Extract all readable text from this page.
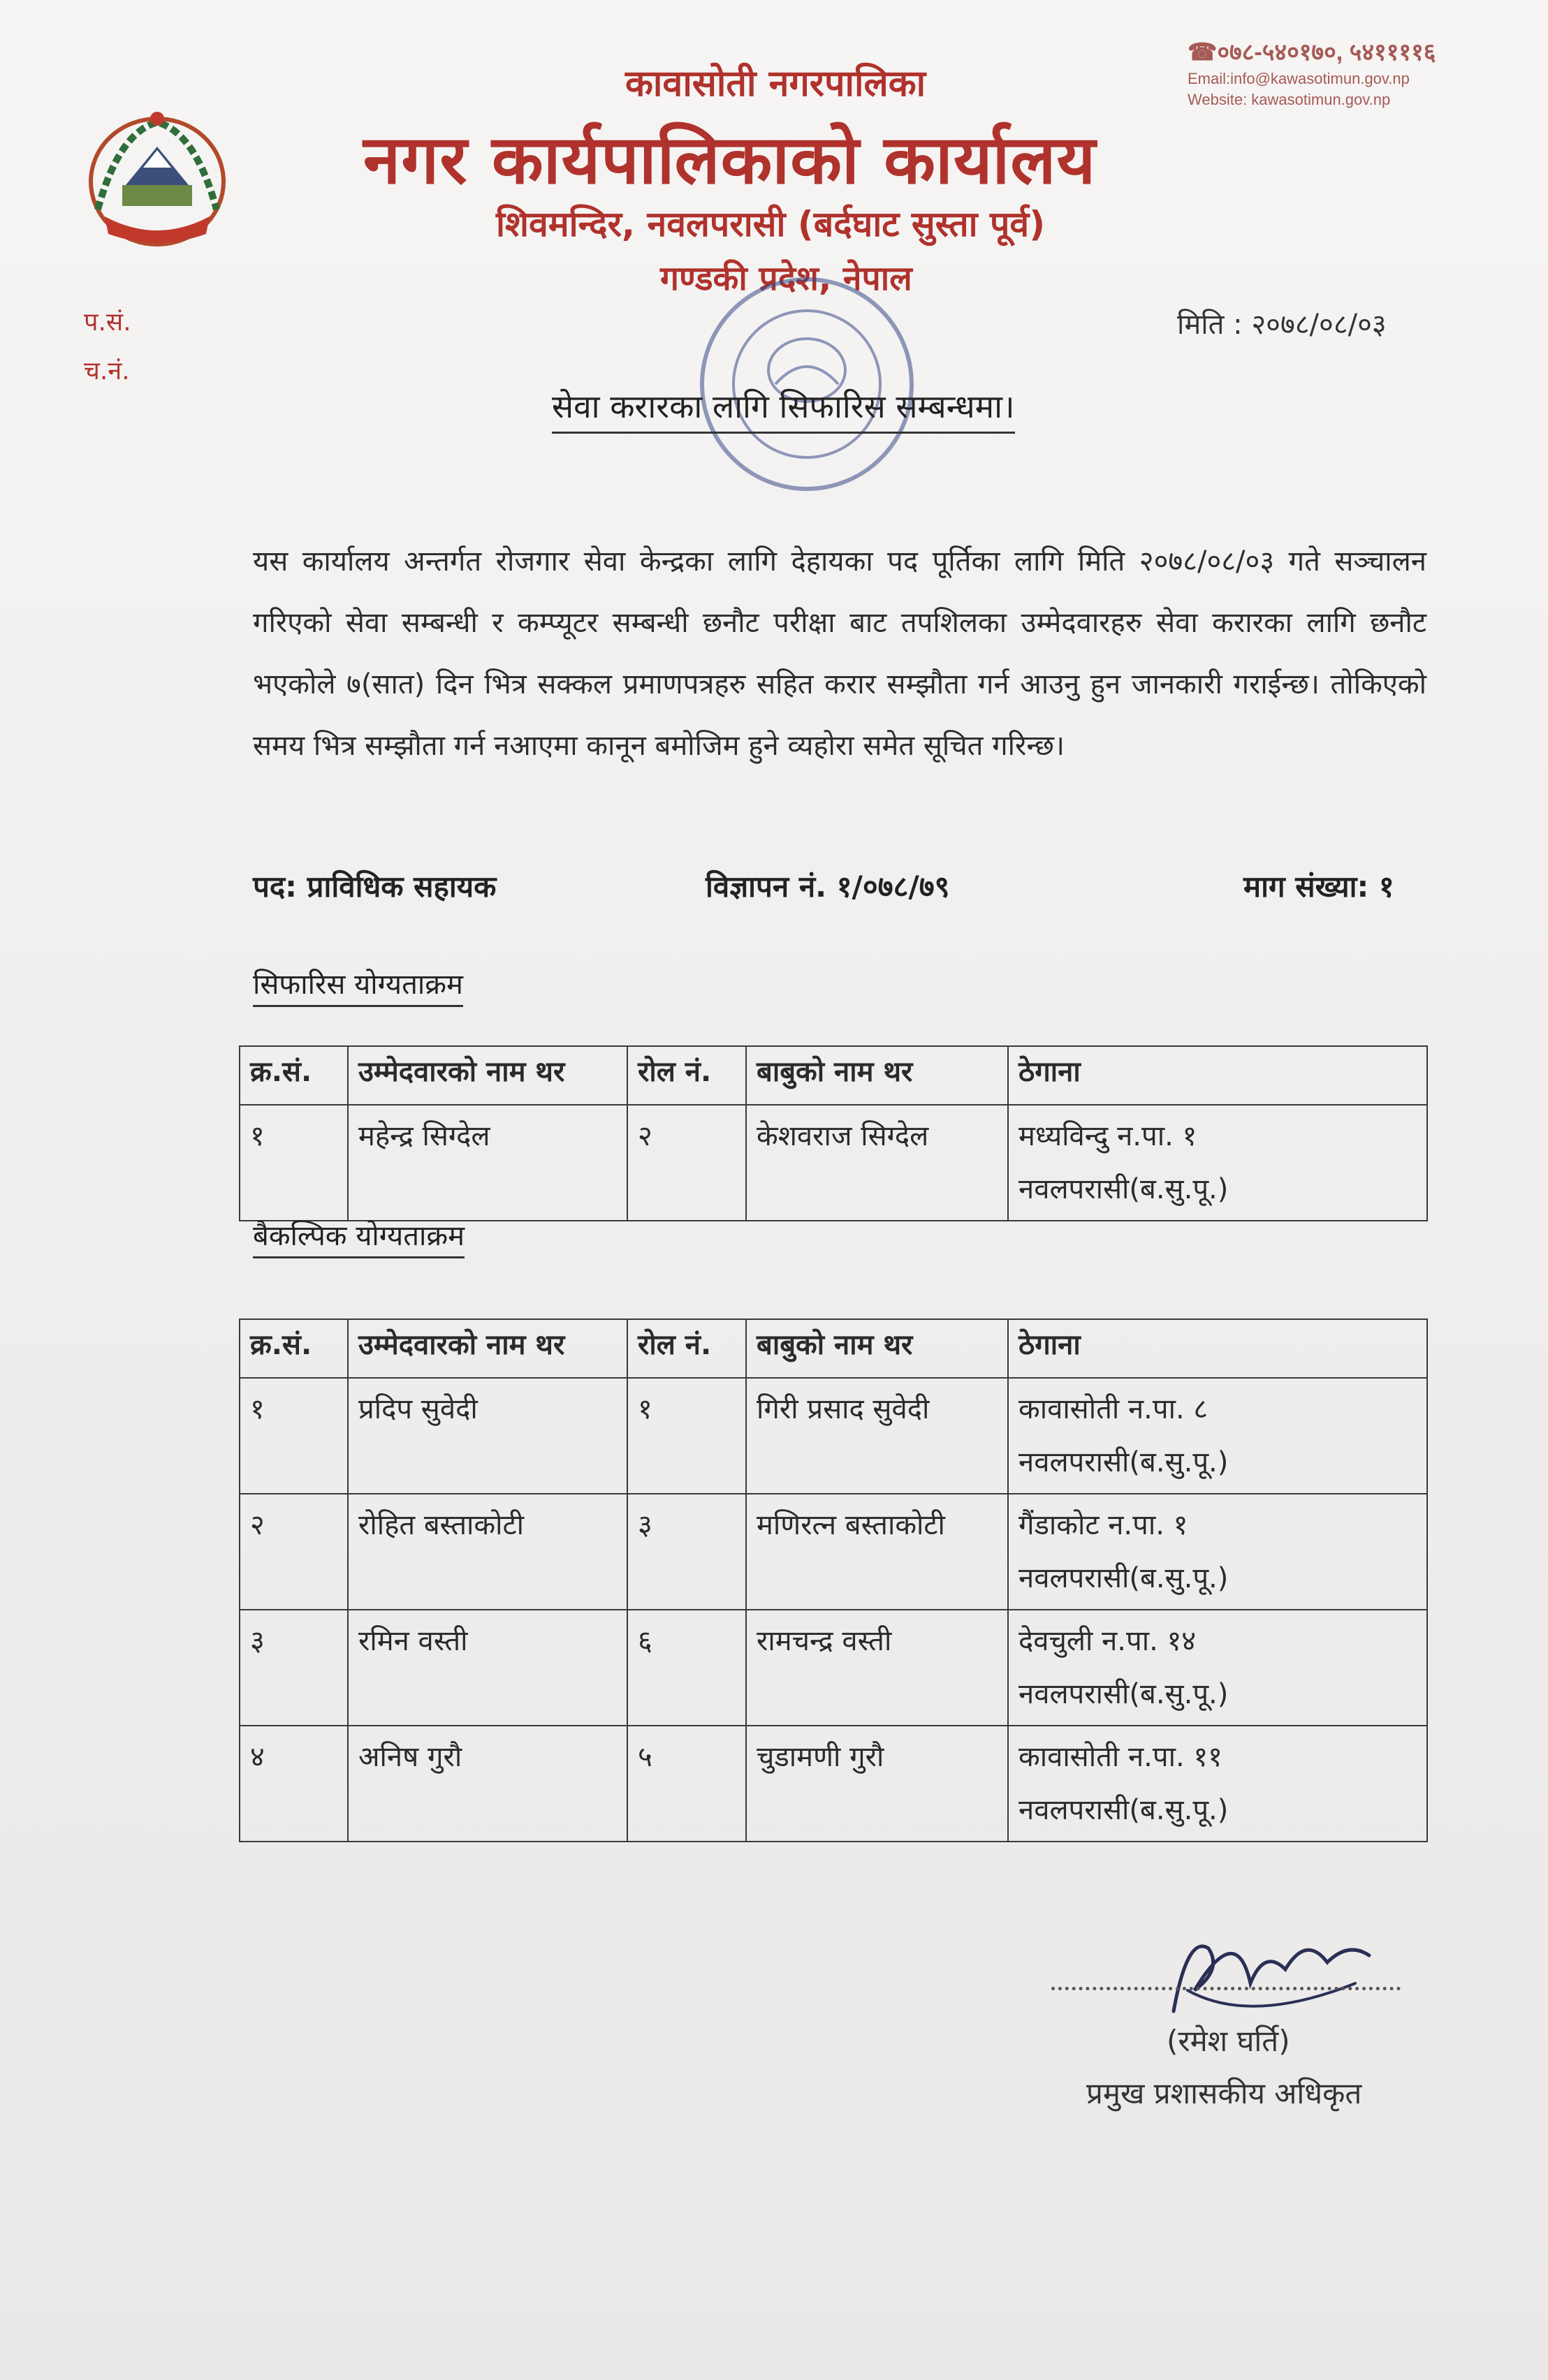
कावासोती नगरपालिका
नगर कार्यपालिकाको कार्यालय
शिवमन्दिर, नवलपरासी (बर्दघाट सुस्ता पूर्व)
गण्डकी प्रदेश, नेपाल
☎०७८-५४०१७०, ५४११११६
Email:info@kawasotimun.gov.np
Website: kawasotimun.gov.np
प.सं.
च.नं.
मिति : २०७८/०८/०३
सेवा करारका लागि सिफारिस सम्बन्धमा।
यस कार्यालय अन्तर्गत रोजगार सेवा केन्द्रका लागि देहायका पद पूर्तिका लागि मिति २०७८/०८/०३ गते सञ्चालन गरिएको सेवा सम्बन्धी र कम्प्यूटर सम्बन्धी छनौट परीक्षा बाट तपशिलका उम्मेदवारहरु सेवा करारका लागि छनौट भएकोले ७(सात) दिन भित्र सक्कल प्रमाणपत्रहरु सहित करार सम्झौता गर्न आउनु हुन जानकारी गराईन्छ। तोकिएको समय भित्र सम्झौता गर्न नआएमा कानून बमोजिम हुने व्यहोरा समेत सूचित गरिन्छ।
पद: प्राविधिक सहायक	विज्ञापन नं. १/०७८/७९	माग संख्या: १
सिफारिस योग्यताक्रम
क्र.सं.	उम्मेदवारको नाम थर	रोल नं.	बाबुको नाम थर	ठेगाना
१	महेन्द्र सिग्देल	२	केशवराज सिग्देल	मध्यविन्दु न.पा. १
नवलपरासी(ब.सु.पू.)
बैकल्पिक योग्यताक्रम
क्र.सं.	उम्मेदवारको नाम थर	रोल नं.	बाबुको नाम थर	ठेगाना
१	प्रदिप सुवेदी	१	गिरी प्रसाद सुवेदी	कावासोती न.पा. ८
नवलपरासी(ब.सु.पू.)

२	रोहित बस्ताकोटी	३	मणिरत्न बस्ताकोटी	गैंडाकोट न.पा. १
नवलपरासी(ब.सु.पू.)

३	रमिन वस्ती	६	रामचन्द्र वस्ती	देवचुली न.पा. १४
नवलपरासी(ब.सु.पू.)

४	अनिष गुरौ	५	चुडामणी गुरौ	कावासोती न.पा. ११
नवलपरासी(ब.सु.पू.)
(रमेश घर्ति)
प्रमुख प्रशासकीय अधिकृत
